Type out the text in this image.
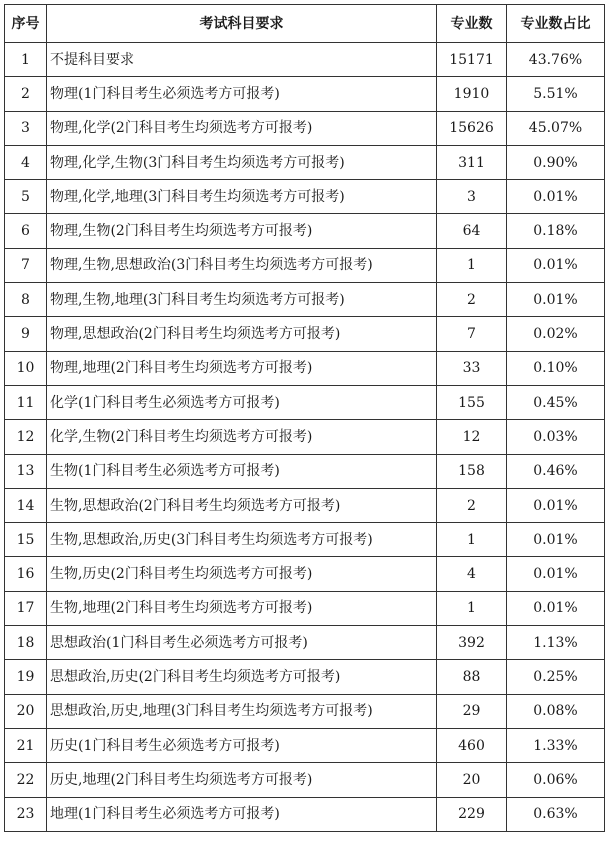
序号	考试科目要求	专业数	专业数占比
1	不提科目要求	15171	43.76%
2	物理(1门科目考生必须选考方可报考)	1910	5.51%
3	物理,化学(2门科目考生均须选考方可报考)	15626	45.07%
4	物理,化学,生物(3门科目考生均须选考方可报考)	311	0.90%
5	物理,化学,地理(3门科目考生均须选考方可报考)	3	0.01%
6	物理,生物(2门科目考生均须选考方可报考)	64	0.18%
7	物理,生物,思想政治(3门科目考生均须选考方可报考)	1	0.01%
8	物理,生物,地理(3门科目考生均须选考方可报考)	2	0.01%
9	物理,思想政治(2门科目考生均须选考方可报考)	7	0.02%
10	物理,地理(2门科目考生均须选考方可报考)	33	0.10%
11	化学(1门科目考生必须选考方可报考)	155	0.45%
12	化学,生物(2门科目考生均须选考方可报考)	12	0.03%
13	生物(1门科目考生必须选考方可报考)	158	0.46%
14	生物,思想政治(2门科目考生均须选考方可报考)	2	0.01%
15	生物,思想政治,历史(3门科目考生均须选考方可报考)	1	0.01%
16	生物,历史(2门科目考生均须选考方可报考)	4	0.01%
17	生物,地理(2门科目考生均须选考方可报考)	1	0.01%
18	思想政治(1门科目考生必须选考方可报考)	392	1.13%
19	思想政治,历史(2门科目考生均须选考方可报考)	88	0.25%
20	思想政治,历史,地理(3门科目考生均须选考方可报考)	29	0.08%
21	历史(1门科目考生必须选考方可报考)	460	1.33%
22	历史,地理(2门科目考生均须选考方可报考)	20	0.06%
23	地理(1门科目考生必须选考方可报考)	229	0.63%
